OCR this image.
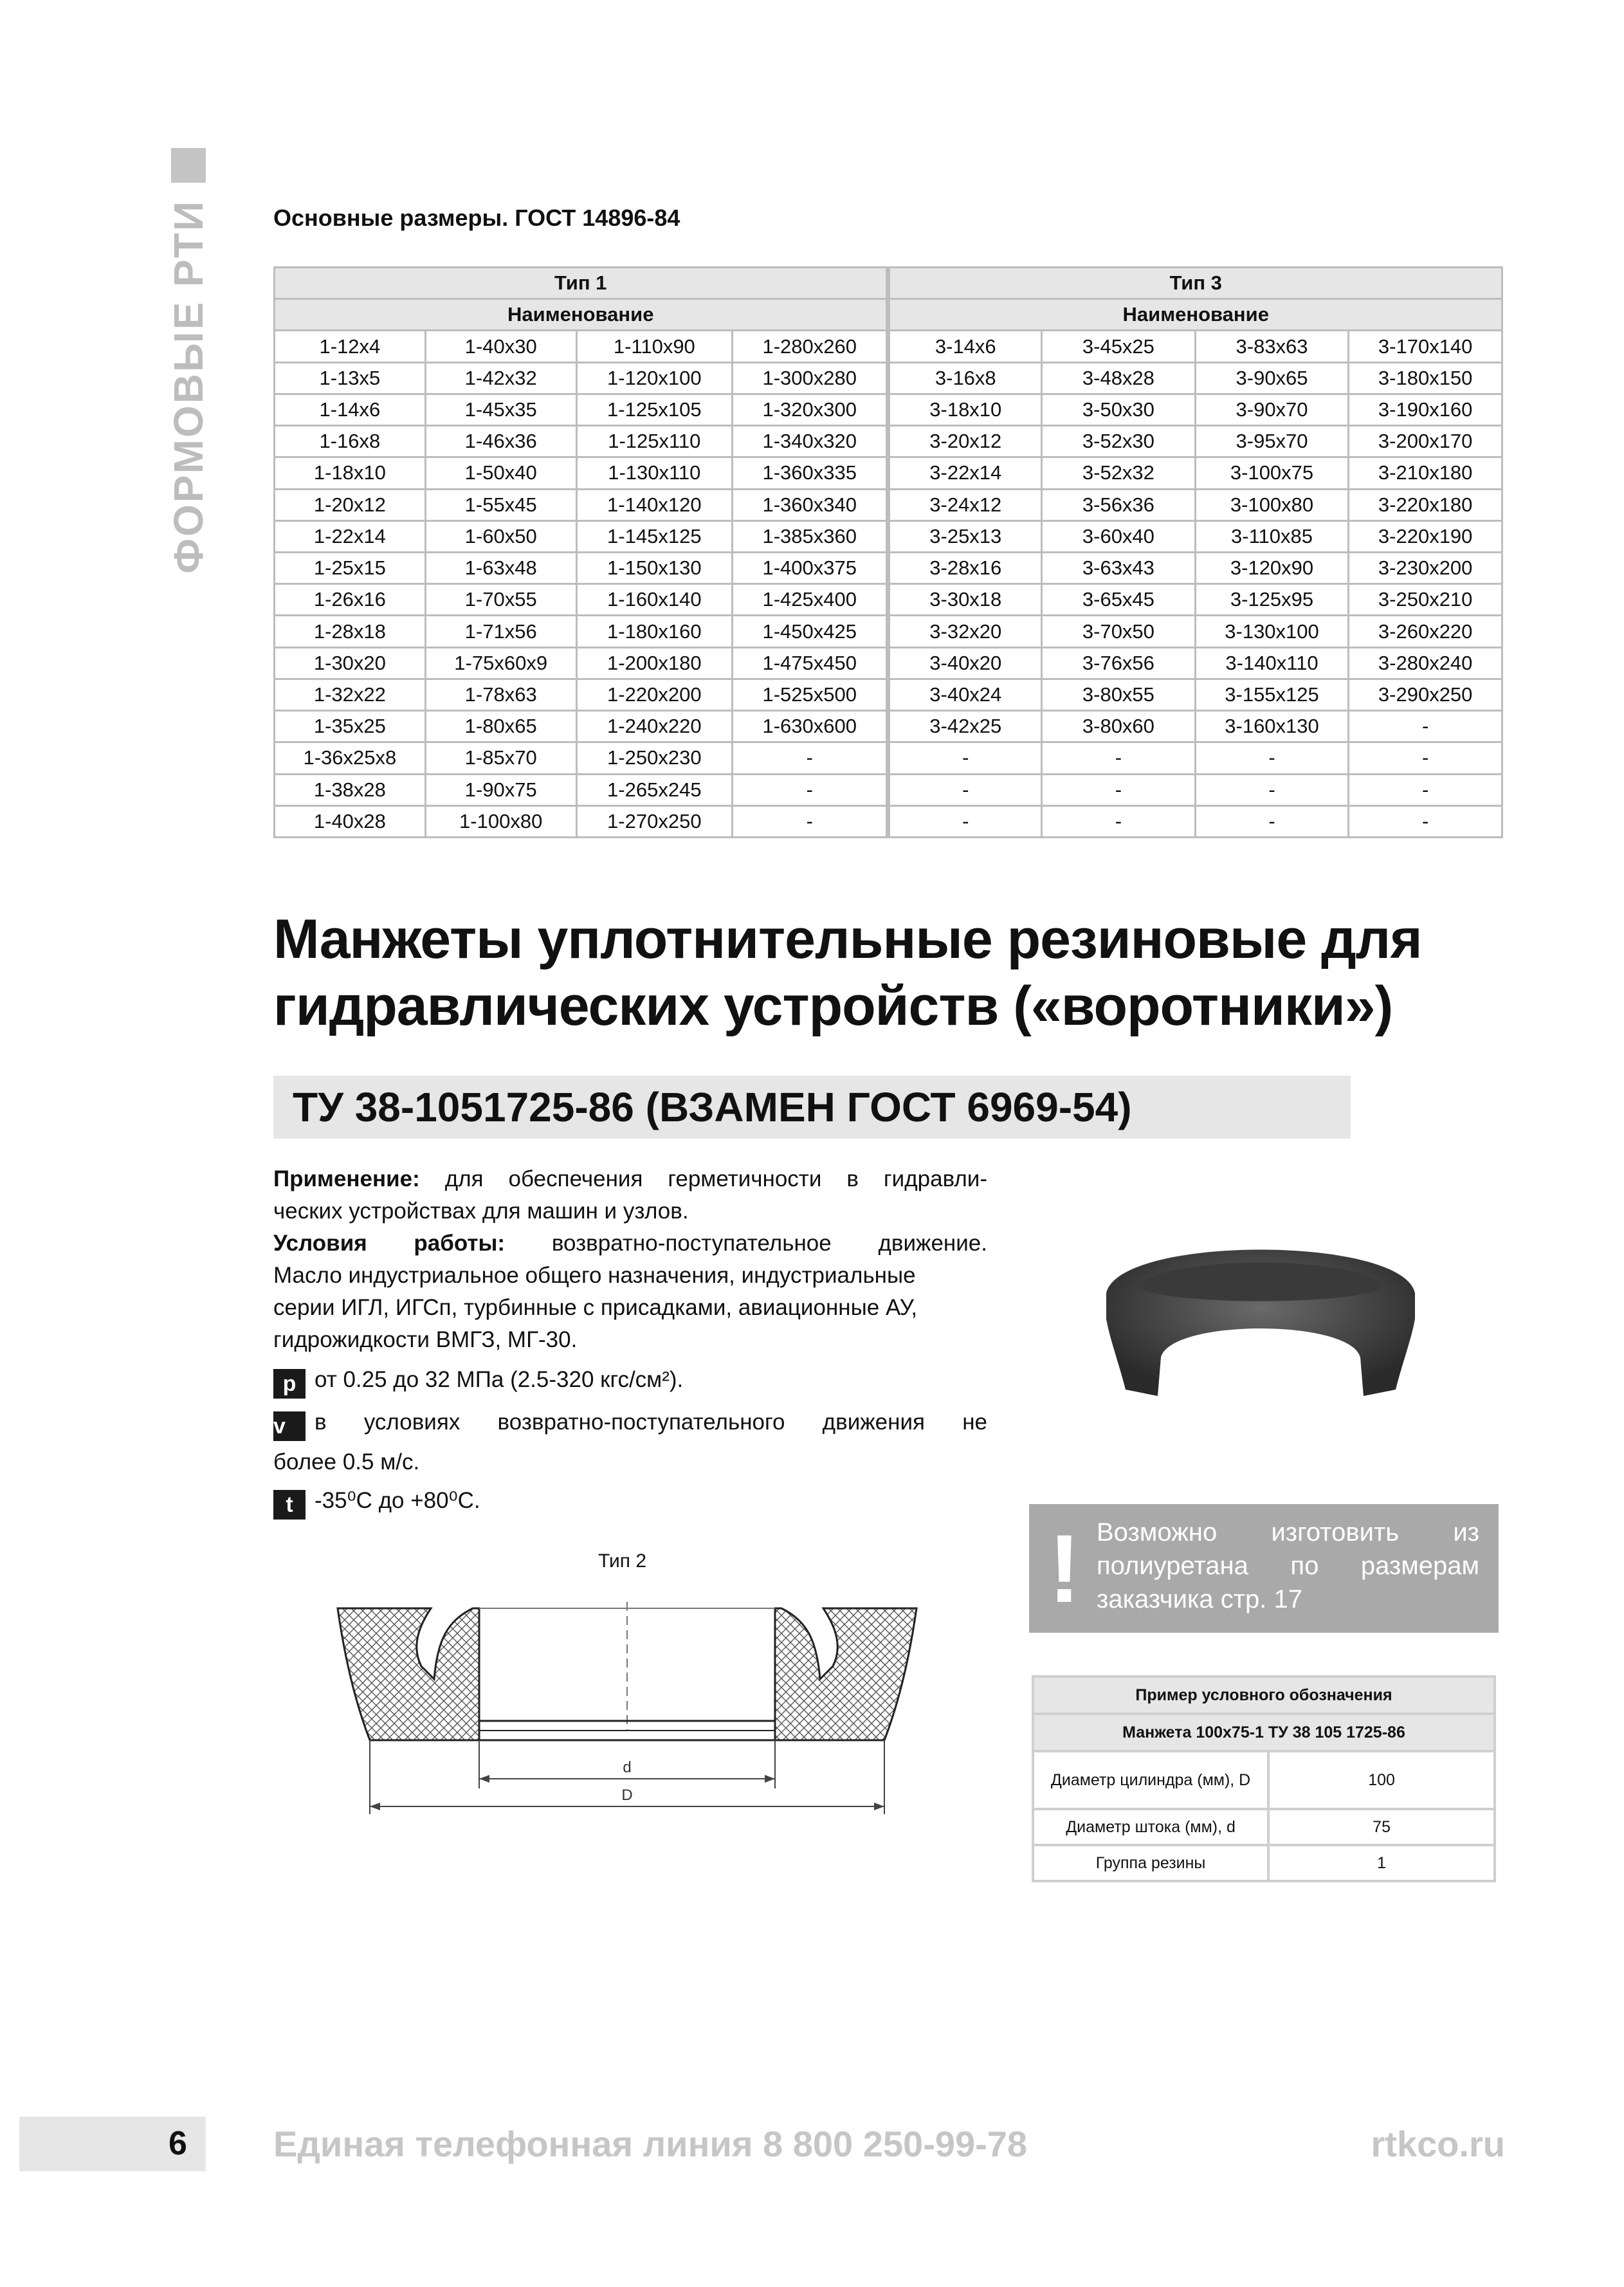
ФОРМОВЫЕ РТИ	Основные размеры. ГОСТ 14896-84
Тип 1				Тип 3			
Наименование				Наименование			
1-12x4	1-40x30	1-110x90	1-280x260	3-14x6	3-45x25	3-83x63	3-170x140
1-13x5	1-42x32	1-120x100	1-300x280	3-16x8	3-48x28	3-90x65	3-180x150
1-14x6	1-45x35	1-125x105	1-320x300	3-18x10	3-50x30	3-90x70	3-190x160
1-16x8	1-46x36	1-125x110	1-340x320	3-20x12	3-52x30	3-95x70	3-200x170
1-18x10	1-50x40	1-130x110	1-360x335	3-22x14	3-52x32	3-100x75	3-210x180
1-20x12	1-55x45	1-140x120	1-360x340	3-24x12	3-56x36	3-100x80	3-220x180
1-22x14	1-60x50	1-145x125	1-385x360	3-25x13	3-60x40	3-110x85	3-220x190
1-25x15	1-63x48	1-150x130	1-400x375	3-28x16	3-63x43	3-120x90	3-230x200
1-26x16	1-70x55	1-160x140	1-425x400	3-30x18	3-65x45	3-125x95	3-250x210
1-28x18	1-71x56	1-180x160	1-450x425	3-32x20	3-70x50	3-130x100	3-260x220
1-30x20	1-75x60x9	1-200x180	1-475x450	3-40x20	3-76x56	3-140x110	3-280x240
1-32x22	1-78x63	1-220x200	1-525x500	3-40x24	3-80x55	3-155x125	3-290x250
1-35x25	1-80x65	1-240x220	1-630x600	3-42x25	3-80x60	3-160x130	-
1-36x25x8	1-85x70	1-250x230	-	-	-	-	-
1-38x28	1-90x75	1-265x245	-	-	-	-	-
1-40x28	1-100x80	1-270x250	-	-	-	-	-
Манжеты уплотнительные резиновые для
гидравлических устройств («воротники»)
ТУ 38-1051725-86 (ВЗАМЕН ГОСТ 6969-54)
Применение: для обеспечения герметичности в гидравли-
ческих устройствах для машин и узлов.
Условия работы: возвратно-поступательное движение.
Масло индустриальное общего назначения, индустриальные
серии ИГЛ, ИГСп, турбинные с присадками, авиационные АУ,
гидрожидкости ВМГЗ, МГ-30.
p от 0.25 до 32 МПа (2.5-320 кгс/см²).
v в условиях возвратно-поступательного движения не
более 0.5 м/с.
t -35⁰С до +80⁰С.
! Возможно изготовить из
полиуретана по размерам
заказчика стр. 17
Пример условного обозначения	
Манжета 100x75-1 ТУ 38 105 1725-86	
Диаметр цилиндра (мм), D	100
Диаметр штока (мм), d	75
Группа резины	1
Тип 2
d
D
6 Единая телефонная линия 8 800 250-99-78	rtkco.ru
